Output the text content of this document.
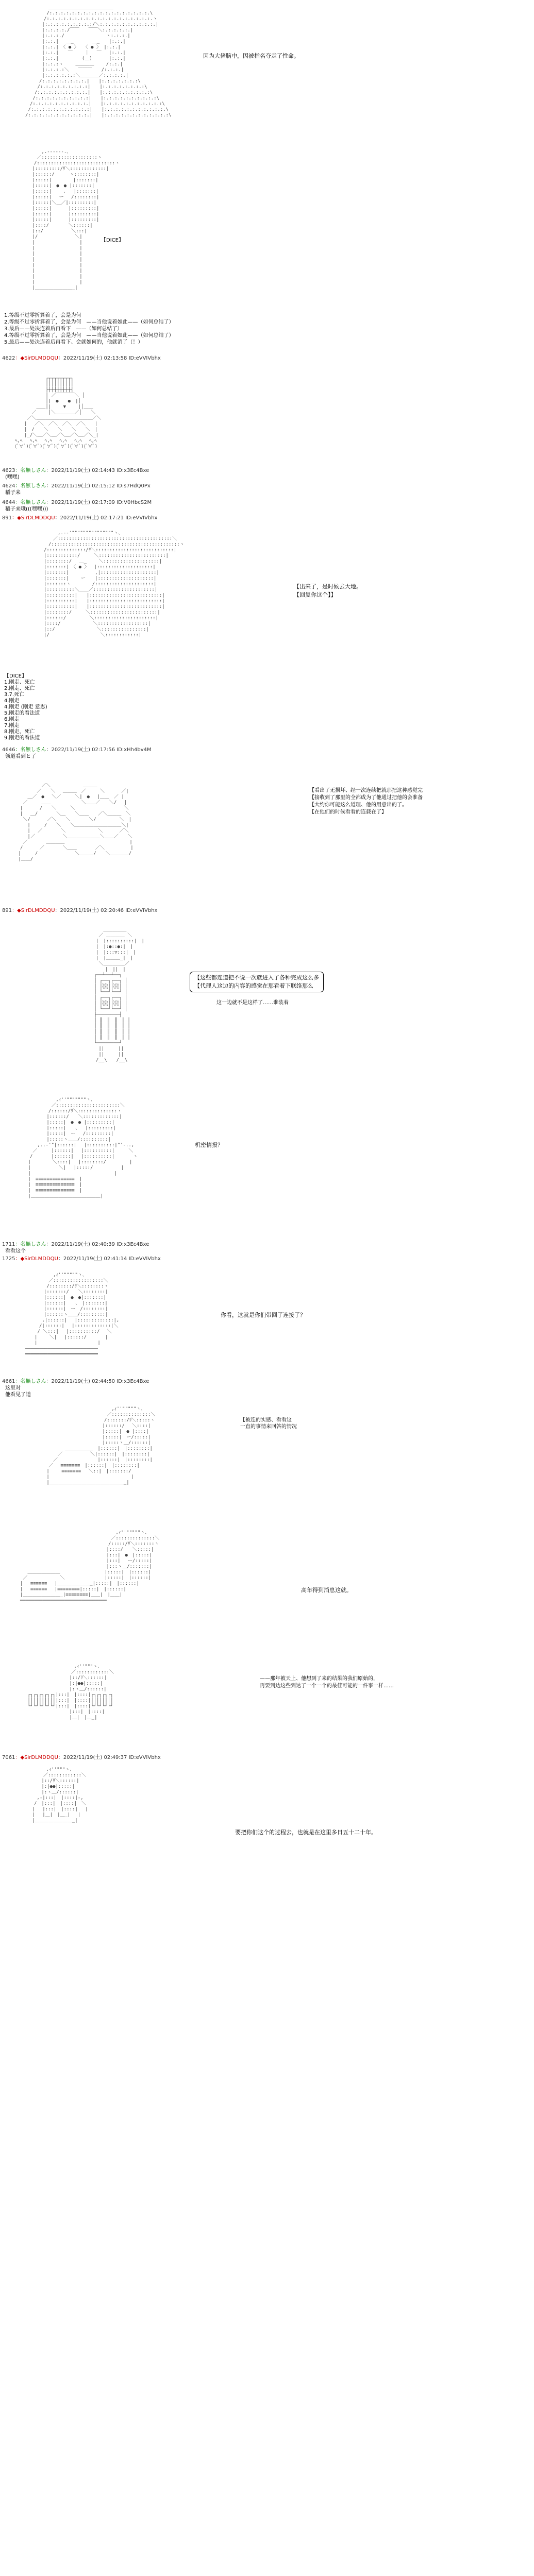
　　　　　　＿＿＿＿＿＿＿＿＿＿＿＿＿＿
　　　　　 /:.:.:.:.:.:.:.:.:.:.:.:.:.:.:.:.:.:.\
　　　　　/:.:.:.:.:.:.:.:.:.:.:.:.:.:.:.:.:.:.:.ヽ
　　　　 |:.:.:.:.:.:.:.:.:/＼:.:.:.:.:.:.:.:.:.:.|
　　　　 |:.:.:.:./￣￣　　￣￣＼:.:.:.:.:.|
　　　　 |:.:.:./　　　　　　　　　ヽ:.:.:.|
　　　　 |:.:.|　 ＿_　　　　＿_　　|:.:.|
　　　　 |:.:.|　〈 ● 〉　　〈 ● 〉 |:.:.|
　　　　 |:.:.|　　￣　　 ｜　 ￣ 　|:.:.|
　　　　 |:.:.|　　　　　(＿)　　　 |:.:.|
　　　　 |:.:.:ヽ　　 ＿＿＿＿　　 /:.:.|
　　　　 |:.:.:.:＼　　￣￣￣　　/:.:.:.|
　　　　 |:.:.:.:.:.:＼＿＿＿＿／:.:.:.:.|
　　　　/:.:.:.:.:.:.:.:.|　　|:.:.:.:.:.:.:\
　　　 /:.:.:.:.:.:.:.:.:|　　|:.:.:.:.:.:.:.:\
　　　/:.:.:.:.:.:.:.:.:.|　　|:.:.:.:.:.:.:.:.:\
　　 /:.:.:.:.:.:.:.:.:.:|　　|:.:.:.:.:.:.:.:.:.:\
　　/:.:.:.:.:.:.:.:.:.:.|　　|:.:.:.:.:.:.:.:.:.:.:\
　 /:.:.:.:.:.:.:.:.:.:.:|　　|:.:.:.:.:.:.:.:.:.:.:.\
　/:.:.:.:.:.:.:.:.:.:.:.|　　|:.:.:.:.:.:.:.:.:.:.:.:\
因为大佬脑中，因被指名夺走了性命。
　　　　　 ,.-‐‐‐‐-.､
　　　　 ／::::::::::::::::::::ヽ
　　　　/::::::::::::::::::::::::::::ヽ
　　　 |:::::::::/ﾘ＼:::::::::::::|
　　　 |::::::/ 　 　ヽ::::::::|
　　　 |:::::|　　　　 |:::::::|
　　　 |:::::|　●　● |:::::::|
　　　 |:::::|　　 ､　 |:::::::|
　　　 |:::::|　 ー　 /::::::::|
　　　 |:::::|＼＿／|:::::::::|
　　　 |:::::|　　　 |:::::::::|
　　　 |:::::|　　　 |:::::::::|
　　　 |:::::|　　　 |:::::::::|
　　　 |::::/ 　　　 ＼::::::|
　　　 |::/　　　　　　＼:::|
　　　 |/　　　　　　　　＼|
　　　 |　　　　　　　　　 |
　　　 |　　　　　　　　　 |
　　　 |　　　　　　　　　 |
　　　 |　　　　　　　　　 |
　　　 |　　　　　　　　　 |
　　　 |　　　　　　　　　 |
　　　 |　　　　　　　　　 |
　　　 |　　　　　　　　　 |
　　　 |＿＿＿＿＿＿＿＿_|
【DICE】
1.等级不过零折算着了，会是为何
2.等级不过零折算着了，会是为何　——当他说着如此——（如何总结了）
3.最后——处决连着后再看下　——（如何总结了）
4.等级不过零折算着了，会是为何　——当他说着如此——（如何总结了）
5.最后——处决连着后再看下、会就如何的，他就消了（！）
4622：◆SirDLMDDQU：2022/11/19(土) 02:13:58 ID:eVVIVbhx
　　　　　　　 ┌┬┬┬┬┬┬┬┬┐
　　　　　　　 ││││││││││
　　　　　　　 ├┼┼┼┼┼┼┼┼┤
　　　　　　　 │ ／￣￣￣￣＼ │
　　　　　　　 │|　●　　●　|│
　　　　　 ＿＿│|　　 ▼ 　　|│＿＿
　　　　 ／　　 │＼＿＿＿＿／│　　＼
　　　 ／＼＿＿＿＿＿＿＿＿＿＿＿＿／＼
　　　|　 ／＼　／＼　／＼　／＼　　|
　　　|　/　　＼　　＼　　＼　　＼　|
　　　|_/＼＿／＼＿／＼＿／＼＿／＼_|
　ﾍ,ﾍ 　ﾍ,ﾍ　 ﾍ,ﾍ 　ﾍ,ﾍ　 ﾍ,ﾍ 　ﾍ,ﾍ
　(ﾟ∀ﾟ)(ﾟ∀ﾟ)(ﾟ∀ﾟ)(ﾟ∀ﾟ)(ﾟ∀ﾟ)(ﾟ∀ﾟ)
4623：名無しさん：2022/11/19(土) 02:14:43 ID:x3Ec4Bxe
(嘿嘿)
4624：名無しさん：2022/11/19(土) 02:15:12 ID:s7HdQ0Px
稲子来
4644：名無しさん：2022/11/19(土) 02:17:09 ID:V0HbcS2M
稲子来哦(((嘿嘿)))
891：◆SirDLMDDQU：2022/11/19(土) 02:17:21 ID:eVVIVbhx
　　　　　　　　,.-‐'"""""""""""""""ヽ､
　　　　　　　／:::::::::::::::::::::::::::::::::::::::::＼
　　　　　　/::::::::::::::::::::::::::::::::::::::::::::::ヽ
　　　　　/::::::::::::::/ﾘ＼::::::::::::::::::::::::::::|
　　　　　|:::::::::::/　　　＼::::::::::::::::::::::::|
　　　　　|::::::::/　 ＿_　　 ＼::::::::::::::::::::|
　　　　　|:::::::|　〈 ● 〉　 |::::::::::::::::::::|
　　　　　|:::::::|　　　　　 ,|::::::::::::::::::::|
　　　　　|:::::::|　　 ー　　|::::::::::::::::::::|
　　　　　|:::::::ヽ　　　　 /:::::::::::::::::::::|
　　　　　|::::::::::＼＿＿／::::::::::::::::::::::|
　　　　　|::::::::::|　　|::::::::::::::::::::::::::|
　　　　　|::::::::::|　　|::::::::::::::::::::::::::|
　　　　　|::::::::::|　　|::::::::::::::::::::::::::|
　　　　　|::::::::/　　　＼::::::::::::::::::::::::|
　　　　　|::::::/　　　　　＼::::::::::::::::::::::|
　　　　　|::::/　　　　　　　＼::::::::::::::::::|
　　　　　|::/　　　　　　　　　＼::::::::::::::::|
　　　　　|/　　　　　　　　　　　＼::::::::::::|
【出来了，是时候去大地。
【回复你这个】】
【DICE】
1.刚走、死亡
2.刚走、死亡
3.7.死亡
4.刚走
4.刚走 (刚走 意思)
5.刚走的看法道
6.刚走
7.刚走
8.刚走，死亡
9.刚走的看法道
4646：名無しさん：2022/11/19(土) 02:17:56 ID:xHh4bv4M
领道看到ヒ了
　　　　　 ／＼　　　　　　　＿＿＿
　　　　 ／　　＼　 ＿＿＿　／　　　＼　　　 ／|
　　 ＿／　●　 ＼／　　　＼|　●　 |＿＿　／ |
　 ／　　　＿＿　 　　　　　＼＿＿／　　＼/　 |
　|　　　 /　　＼　　　＼　　　　　　　　　　 ＼
　|　 ＿/　　　　＼＿　　＼＿＿　　／＼＿＿＿　＼
　 ＼/　　　 ／＼　　＼　　　　＼/　　　　　＼　|
　　 |　　　/　　＼　　＼＿＿＿＿＿＿＿＿＿＿＼|
　　 |　 ／　　　　＼　　　　　　　＼　　　 ／＼
　　 |／　　　　　　＼＿＿＿＿＿＿＿＼＿＿／　　＼
　 ／　　　　＿＿＿＿　　　　　　　　　　　　　　|
　/　　　 ／　　　　＼＿＿　　　　／＼　　　　　 |
|　　　/　　　　　　　　＼＿＿＿/　　＼＿＿＿＿/
|＿＿/　　　　　　　　　　　　　　　　　　　　　
【看出了无损坏、经一次连续把就那把这种感觉完
【接收到了那里的全都成为了他通过把他的会准备
【大约你可能这么道理、他的用意出的了。
【在他们的时候看看的连载在了】
891：◆SirDLMDDQU：2022/11/19(土) 02:20:46 ID:eVVIVbhx
　　　　　 ＿＿＿＿＿
　　　　 ／ ＿＿＿＿ ＼
　　　　|　|::::::::::|　|
　　　　|　|:●::●:|　|
　　　　|　|:::▽:::|　|
　　　　|　|＿＿＿_|　|
　　　　 ＼＿＿＿＿_／
　　　　　　|　||　|
　　　 ┌──┴──┴──┐
　　　 │ ┌──┐┌──┐ │
　　　 │ │░░││░░│ │
　　　 │ └──┘└──┘ │
　　　 │ ┌──┐┌──┐ │
　　　 │ │░░││░░│ │
　　　 │ └──┘└──┘ │
　　　 ├────────┤
　　　 │ ║　║　║　║ │
　　　 │ ║　║　║　║ │
　　　 │ ║　║　║　║ │
　　　 │ ║　║　║　║ │
　　　 └────────┘
　　　　 ||　　　||
　　　　 ||　　　||
　　　　/__\　　/__\
【这些都连道把不说一次就进入了各种完成这么多
【代理人这边的内容的感觉在那看着下联络那么
这一边就不是这样了……谁装着
　　　　　　　 ,ｨ''"""""""ヽ､
　　　　　　 ／:::::::::::::::::::::::＼
　　　　　　/::::::/ﾘ＼::::::::::::::ヽ
　　　　　 |::::::/　　＼:::::::::::::|
　　　　　 |:::::|　●　● |:::::::::|
　　　　　 |:::::|　　､ 　|:::::::::|
　　　　　 |:::::|　ー　 /:::::::::|
　　　　　 |:::::ヽ＿＿/::::::::::|
　　　 ,..-'"|::::::|　 |::::::::::|"'-..,
　　 ／　　　|::::::|　 |::::::::::|　　　＼
　　/　　　　|::::::|　 |::::::::::|　　　　ヽ
　 |　　　　 ＼::::|　 |::::::::/　　　　　|
　 |　　　　　　＼|　 |:::::/　　　　　　|
　 |　　　　　　　　　　　　　　　　　　|
　 |　≡≡≡≡≡≡≡≡≡≡≡≡≡≡　|
　 |　≡≡≡≡≡≡≡≡≡≡≡≡≡≡　|
　 |　≡≡≡≡≡≡≡≡≡≡≡≡≡≡　|
　 |＿＿＿＿＿＿＿＿＿＿＿＿＿＿＿|
机密情报？
1711：名無しさん：2022/11/19(土) 02:40:39 ID:x3Ec4Bxe
看看这个
1725：◆SirDLMDDQU：2022/11/19(土) 02:41:14 ID:eVVIVbhx
　　　　　　　,ｨ''"""""ヽ､
　　　　　　／::::::::::::::::::＼
　　　　　 /::::::::/ﾘ＼::::::::ヽ
　　　　　|:::::::/　　＼::::::::|
　　　　　|::::::|　●　●|:::::::|
　　　　　|::::::|　　､　|:::::::|
　　　　　|::::::|　ー　/::::::::|
　　　　　|::::::ヽ＿＿/:::::::::|
　　　　 ,|::::::|　 |:::::::::::::|,
　　　　/|::::::|　 |:::::::::::::|＼
　　　 / ＼:::|　 |::::::::::/　 ＼
　　　|　　 ＼|　 |::::::/　　　　|
　　　|　　　　　　　　　　　　　|
　━━━━━━━━━━━━━━━━━━━━━━━━━━
　━━━━━━━━━━━━━━━━━━━━━━━━━━
你看，这就是你们带回了连接了？
4661：名無しさん：2022/11/19(土) 02:44:50 ID:x3Ec4Bxe
这里对
他看见了道
　　　　　　　　　　　　　　　　　　　 ,ｨ''"""""ヽ､
　　　　　　　　　　　　　　　　　　 ／::::::::::::::＼
　　　　　　　　　　　　　　　　　　/:::::::/ﾘ＼:::::ヽ
　　　　　　　　　　　　　　　　　 |::::::/　 ＼::::|
　　　　　　　　　　　　　　　　　 |:::::|　● |::::|
　　　　　　　　　　　　　　　　　 |:::::|　ー/:::::|
　　　　　　　　　　　　　　　　　 |:::::ヽ＿/::::::|
　　　　　　　　　 ＿＿＿＿＿＿　|::::::|　|::::::::|
　　　　　　　　／　　　　　　＼|::::::|　|::::::::|
　　　　　　　／　　　　　　　　 |::::::|　|::::::::|
　　　　　　／　 ≡≡≡≡≡≡≡　|::::::|　|::::::::|
　　　　　 |　　 ≡≡≡≡≡≡≡　 ＼::|　|:::::::/
　　　　　 |　　　　　　　　　　　　　　　　　 |
　　　　　 |＿＿＿＿＿＿＿＿＿＿＿＿＿＿＿＿_|
【被连的实感、看看这
一直的事情来回答的情况
　　　　　　　　　　　　　　　　　　　　　 ,ｨ''"""""ヽ､
　　　　　　　　　　　　　　　　　　　　 ／::::::::::::::＼
　　　　　　　　　　　　　　　　　　　　/:::::/ﾘ＼:::::::ヽ
　　　　　　　　　　　　　　　　　　　 |::::/　　＼:::::|
　　　　　　　　　　　　　　　　　　　 |:::|　●　|:::::|
　　　　　　　　　　　　　　　　　　　 |:::|　 ー/:::::|
　　　　　　　　　　　　　　　　　　　 |:::ヽ＿/:::::::|
　　 ＿＿＿＿＿＿＿　　　　　　　　　 |:::::|　|::::::|
　 ／　　　　　　　＼　　　　　　　　 |:::::|　|::::::|
　|　 ≡≡≡≡≡≡　 |＿＿＿＿＿＿＿_|:::::|　|::::::|
　|　 ≡≡≡≡≡≡　 |≡≡≡≡≡≡≡≡|:::::|　|::::::|
　|＿＿＿＿＿＿＿＿_|≡≡≡≡≡≡≡≡|＿＿|　|＿＿|
　━━━━━━━━━━━━━━━━━━━━━━━━━━━━━━━
高年得到消息这就。
　　　　　　　　　　　　 ,ｨ''"""ヽ､
　　　　　　　　　　　　／::::::::::::＼
　　　　　　　　　　　 |::/ﾘ＼::::::|
　　　　　　　　　　　 |:|●●|:::::|
　　　　　　　　　　　 |:ヽ＿/::::::|
　　 ┌┐┌┐┌┐┌┐┌┐|:::|　|::::|┌┐┌┐┌┐┌┐
　　 ││││││││││|:::|　|::::|││││││││
　　 └┘└┘└┘└┘└┘|:::|　|::::|└┘└┘└┘└┘
　　　　　　　　　　　 |:::|　|::::|
　　　　　　　　　　　 |＿|　|＿_|
——那年被天上、他想到了来的结果的我们原始的，
再要到达这些到达了一个一个的最佳可能的一件事一样……
7061：◆SirDLMDDQU：2022/11/19(土) 02:49:37 ID:eVVIVbhx
　　　　　　 ,ｨ''"""ヽ､
　　　　　　／::::::::::::＼
　　　　　 |::/ﾘ＼::::::|
　　　　　 |:|●●|:::::|
　　　　　 |:ヽ＿/::::::|
　　　　 ,-|:::|　|::::|-,
　　　　/　|:::|　|::::|　＼
　　　 |　 |:::|　|::::|　 |
　　　 |　 |＿|　|＿_|　 |
　　　 |＿＿＿＿＿＿＿＿_|
要把你们这个的过程去，也就是在这里多日五十二十年。
